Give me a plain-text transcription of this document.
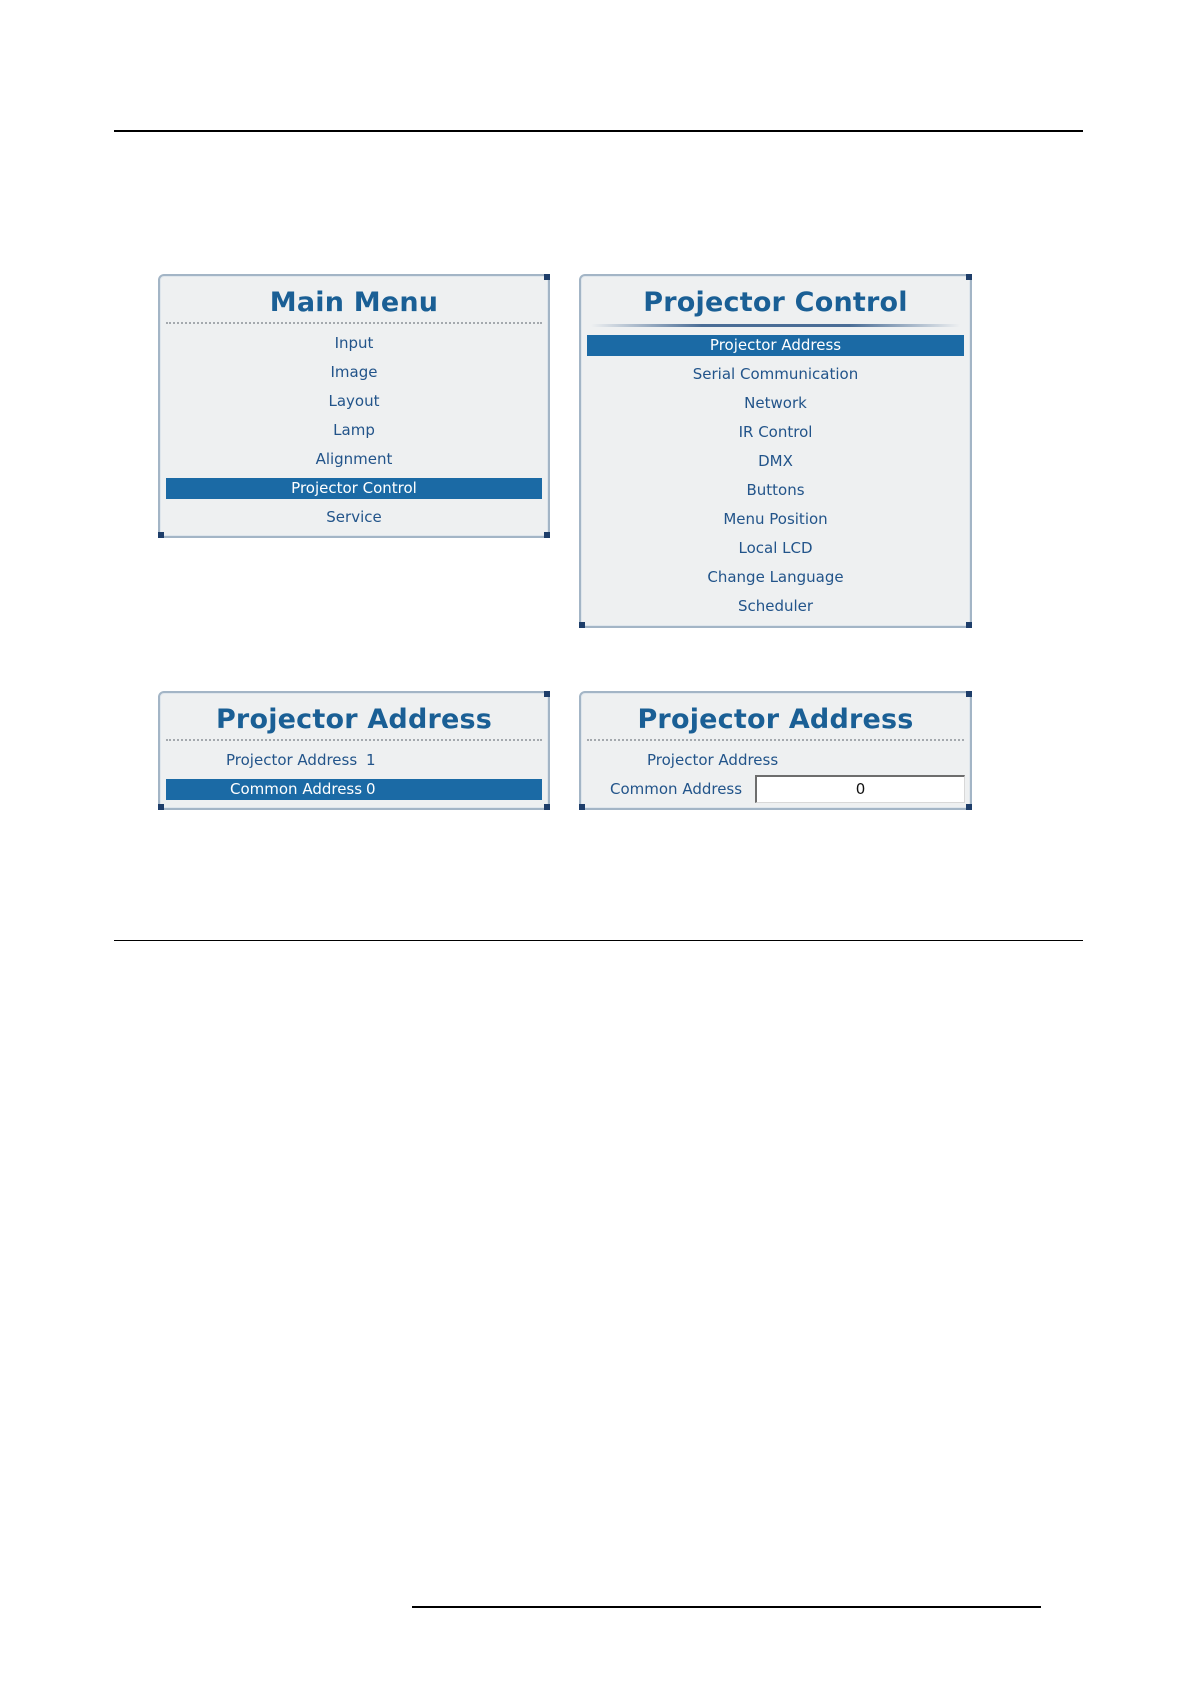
Main Menu
Input
Image
Layout
Lamp
Alignment
Projector Control
Service
Projector Control
Projector Address
Serial Communication
Network
IR Control
DMX
Buttons
Menu Position
Local LCD
Change Language
Scheduler
Projector Address
Projector Address 1
Common Address 0
Projector Address
Projector Address
Common Address	0
